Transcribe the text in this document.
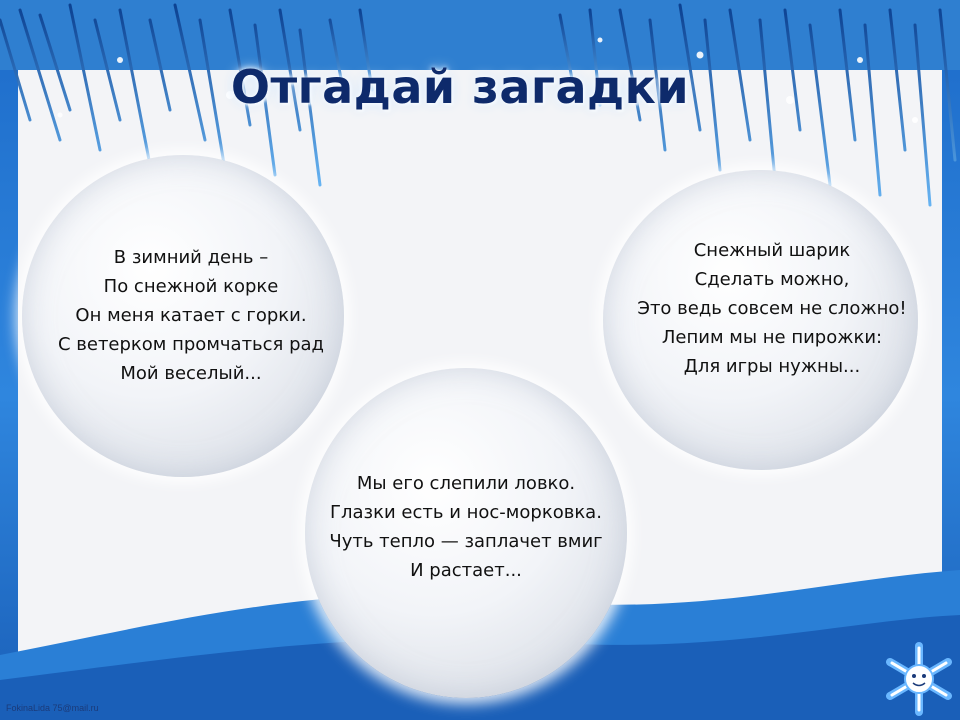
Отгадай загадки
В зимний день –
По снежной корке
Он меня катает с горки.
С ветерком промчаться рад
Мой веселый...
Снежный шарик
Сделать можно,
Это ведь совсем не сложно!
Лепим мы не пирожки:
Для игры нужны...
Мы его слепили ловко.
Глазки есть и нос-морковка.
Чуть тепло — заплачет вмиг
И растает...
FokinaLida 75@mail.ru
